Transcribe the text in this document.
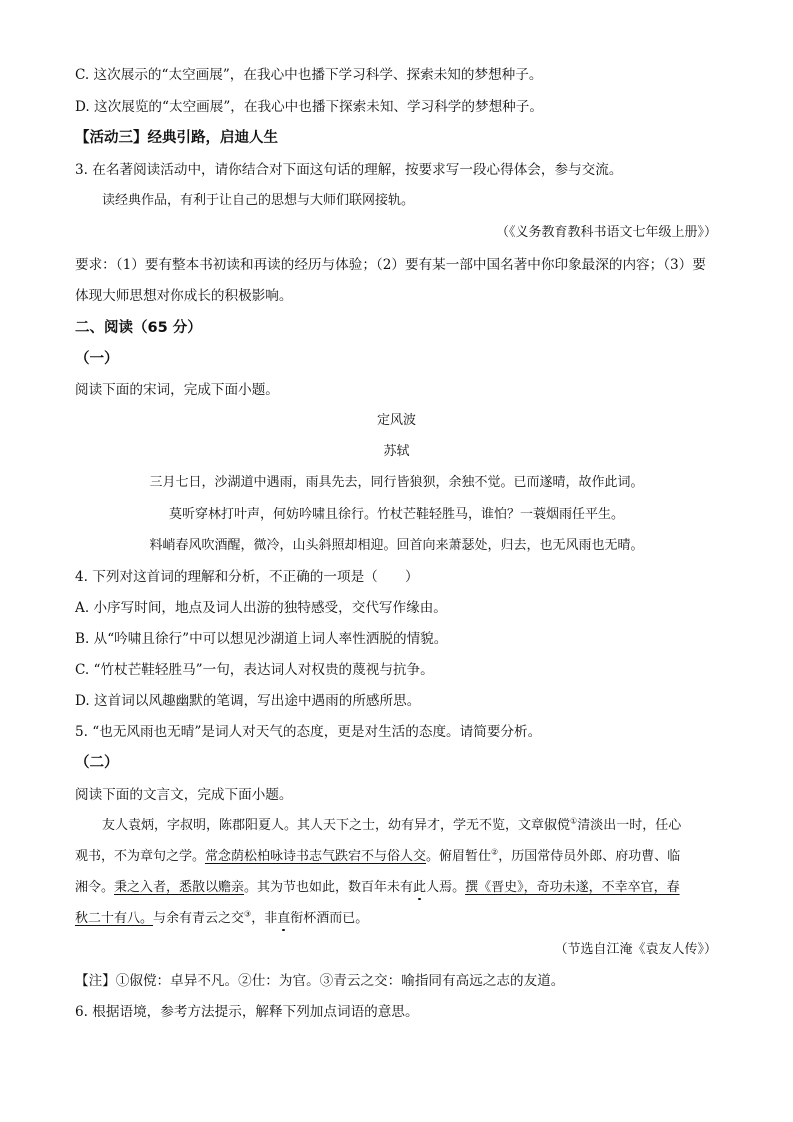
C. 这次展示的“太空画展”，在我心中也播下学习科学、探索未知的梦想种子。
D. 这次展览的“太空画展”，在我心中也播下探索未知、学习科学的梦想种子。
【活动三】经典引路，启迪人生
3. 在名著阅读活动中，请你结合对下面这句话的理解，按要求写一段心得体会，参与交流。
读经典作品，有利于让自己的思想与大师们联网接轨。
（《义务教育教科书语文七年级上册》）
要求：（1）要有整本书初读和再读的经历与体验；（2）要有某一部中国名著中你印象最深的内容；（3）要
体现大师思想对你成长的积极影响。
二、阅读（65 分）
（一）
阅读下面的宋词，完成下面小题。
定风波
苏轼
三月七日，沙湖道中遇雨，雨具先去，同行皆狼狈，余独不觉。已而遂晴，故作此词。
莫听穿林打叶声，何妨吟啸且徐行。竹杖芒鞋轻胜马，谁怕？一蓑烟雨任平生。
料峭春风吹酒醒，微冷，山头斜照却相迎。回首向来萧瑟处，归去，也无风雨也无晴。
4. 下列对这首词的理解和分析，不正确的一项是（　　）
A. 小序写时间，地点及词人出游的独特感受，交代写作缘由。
B. 从“吟啸且徐行”中可以想见沙湖道上词人率性洒脱的情貌。
C. “竹杖芒鞋轻胜马”一句，表达词人对权贵的蔑视与抗争。
D. 这首词以风趣幽默的笔调，写出途中遇雨的所感所思。
5. “也无风雨也无晴”是词人对天气的态度，更是对生活的态度。请简要分析。
（二）
阅读下面的文言文，完成下面小题。
友人袁炳，字叔明，陈郡阳夏人。其人天下之士，幼有异才，学无不览，文章俶傥①清淡出一时，任心
观书，不为章句之学。常念荫松柏咏诗书志气跌宕不与俗人交。俯眉暂仕②，历国常侍员外郎、府功曹、临
湘令。秉之入者，悉散以赡亲。其为节也如此，数百年未有此人焉。撰《晋史》，奇功未遂，不幸卒官，春
秋二十有八。与余有青云之交③，非直衔杯酒而已。
（节选自江淹《袁友人传》）
【注】①俶傥：卓异不凡。②仕：为官。③青云之交：喻指同有高远之志的友道。
6. 根据语境，参考方法提示，解释下列加点词语的意思。
